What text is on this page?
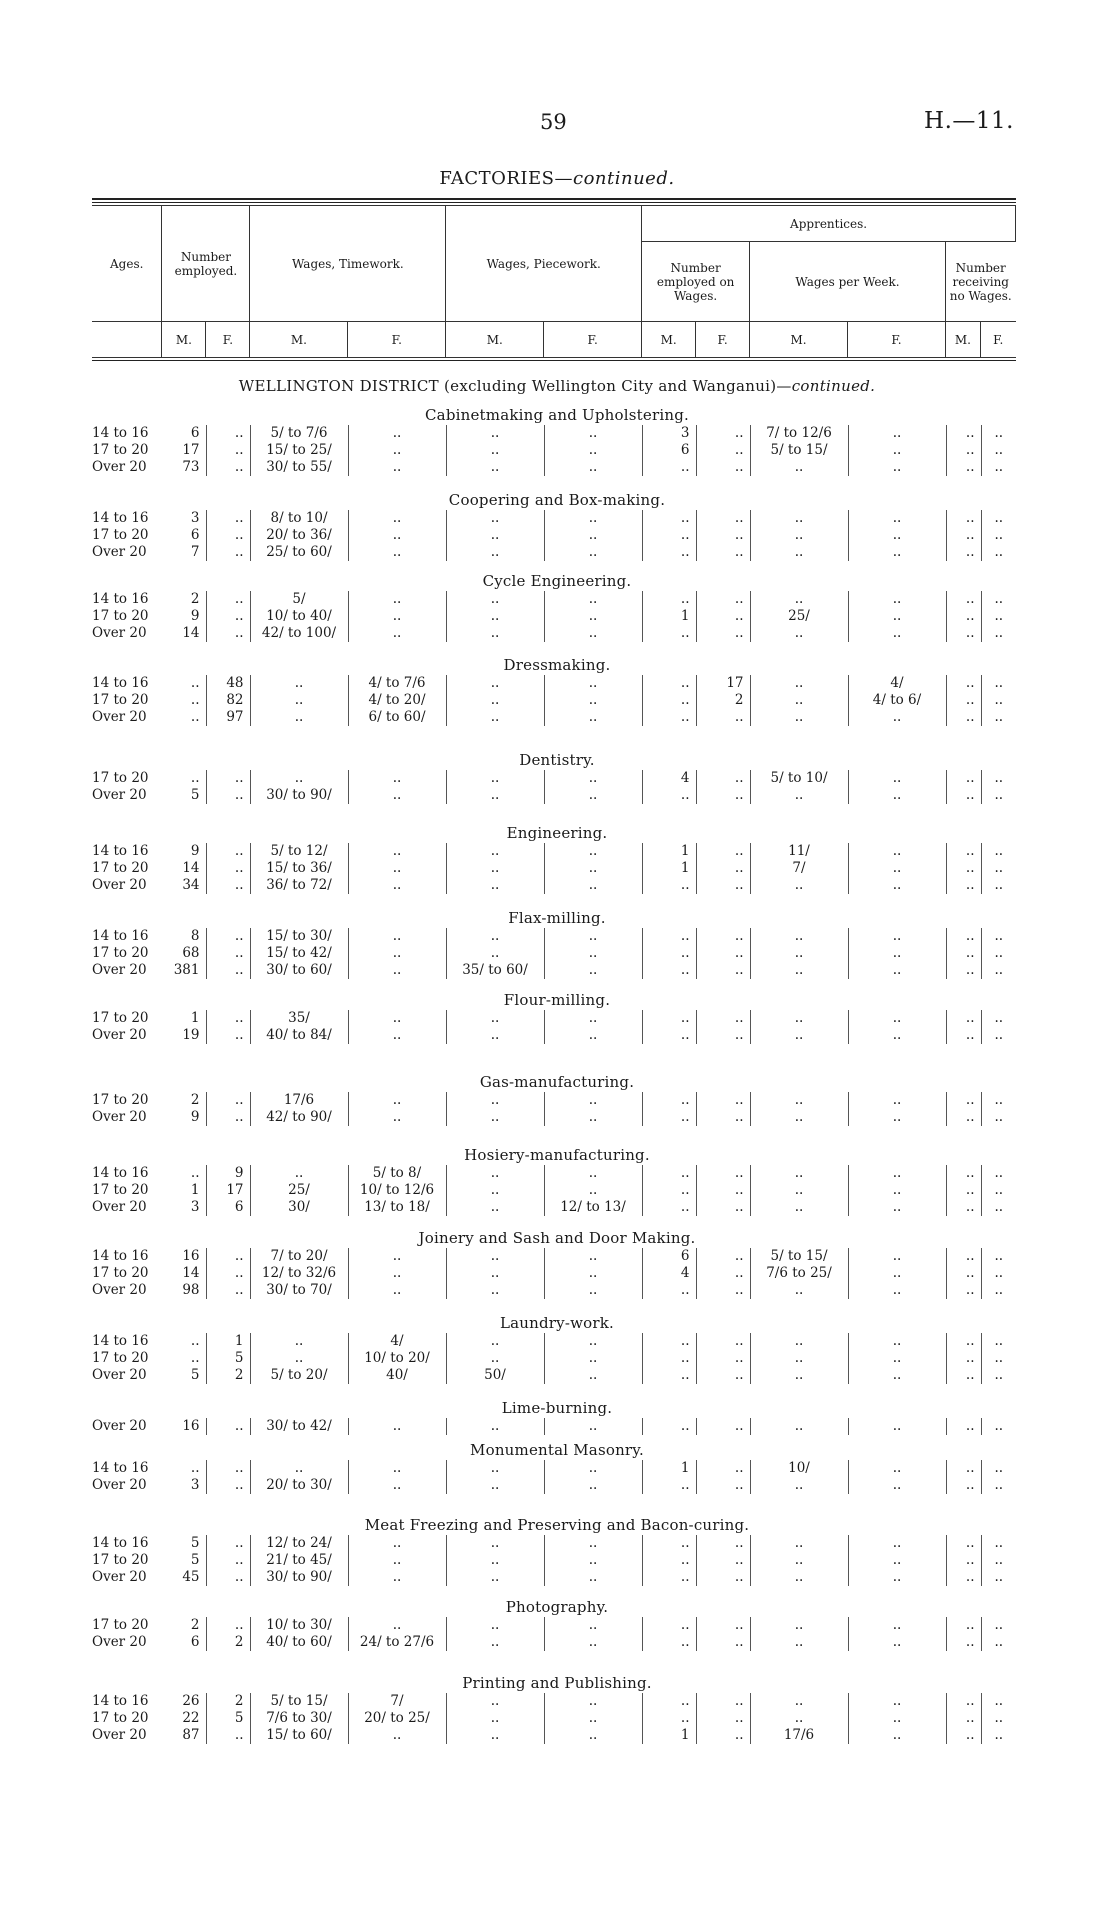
59	H.—11.
FACTORIES—continued.
Ages.	Number employed.		Wages, Timework.		Wages, Piecework.		Apprentices.					
							Number employed on Wages.		Wages per Week.		Number receiving no Wages.	
	M.	F.	M.	F.	M.	F.	M.	F.	M.	F.	M.	F.
WELLINGTON DISTRICT (excluding Wellington City and Wanganui)—continued.
Cabinetmaking and Upholstering.
14 to 16	6	..	5/ to 7/6	..	..	..	3	..	7/ to 12/6	..	..	..
17 to 20	17	..	15/ to 25/	..	..	..	6	..	5/ to 15/	..	..	..
Over 20	73	..	30/ to 55/	..	..	..	..	..	..	..	..	..
Coopering and Box-making.
14 to 16	3	..	8/ to 10/	..	..	..	..	..	..	..	..	..
17 to 20	6	..	20/ to 36/	..	..	..	..	..	..	..	..	..
Over 20	7	..	25/ to 60/	..	..	..	..	..	..	..	..	..
Cycle Engineering.
14 to 16	2	..	5/	..	..	..	..	..	..	..	..	..
17 to 20	9	..	10/ to 40/	..	..	..	1	..	25/	..	..	..
Over 20	14	..	42/ to 100/	..	..	..	..	..	..	..	..	..
Dressmaking.
14 to 16	..	48	..	4/ to 7/6	..	..	..	17	..	4/	..	..
17 to 20	..	82	..	4/ to 20/	..	..	..	2	..	4/ to 6/	..	..
Over 20	..	97	..	6/ to 60/	..	..	..	..	..	..	..	..
Dentistry.
17 to 20	..	..	..	..	..	..	4	..	5/ to 10/	..	..	..
Over 20	5	..	30/ to 90/	..	..	..	..	..	..	..	..	..
Engineering.
14 to 16	9	..	5/ to 12/	..	..	..	1	..	11/	..	..	..
17 to 20	14	..	15/ to 36/	..	..	..	1	..	7/	..	..	..
Over 20	34	..	36/ to 72/	..	..	..	..	..	..	..	..	..
Flax-milling.
14 to 16	8	..	15/ to 30/	..	..	..	..	..	..	..	..	..
17 to 20	68	..	15/ to 42/	..	..	..	..	..	..	..	..	..
Over 20	381	..	30/ to 60/	..	35/ to 60/	..	..	..	..	..	..	..
Flour-milling.
17 to 20	1	..	35/	..	..	..	..	..	..	..	..	..
Over 20	19	..	40/ to 84/	..	..	..	..	..	..	..	..	..
Gas-manufacturing.
17 to 20	2	..	17/6	..	..	..	..	..	..	..	..	..
Over 20	9	..	42/ to 90/	..	..	..	..	..	..	..	..	..
Hosiery-manufacturing.
14 to 16	..	9	..	5/ to 8/	..	..	..	..	..	..	..	..
17 to 20	1	17	25/	10/ to 12/6	..	..	..	..	..	..	..	..
Over 20	3	6	30/	13/ to 18/	..	12/ to 13/	..	..	..	..	..	..
Joinery and Sash and Door Making.
14 to 16	16	..	7/ to 20/	..	..	..	6	..	5/ to 15/	..	..	..
17 to 20	14	..	12/ to 32/6	..	..	..	4	..	7/6 to 25/	..	..	..
Over 20	98	..	30/ to 70/	..	..	..	..	..	..	..	..	..
Laundry-work.
14 to 16	..	1	..	4/	..	..	..	..	..	..	..	..
17 to 20	..	5	..	10/ to 20/	..	..	..	..	..	..	..	..
Over 20	5	2	5/ to 20/	40/	50/	..	..	..	..	..	..	..
Lime-burning.
Over 20	16	..	30/ to 42/	..	..	..	..	..	..	..	..	..
Monumental Masonry.
14 to 16	..	..	..	..	..	..	1	..	10/	..	..	..
Over 20	3	..	20/ to 30/	..	..	..	..	..	..	..	..	..
Meat Freezing and Preserving and Bacon-curing.
14 to 16	5	..	12/ to 24/	..	..	..	..	..	..	..	..	..
17 to 20	5	..	21/ to 45/	..	..	..	..	..	..	..	..	..
Over 20	45	..	30/ to 90/	..	..	..	..	..	..	..	..	..
Photography.
17 to 20	2	..	10/ to 30/	..	..	..	..	..	..	..	..	..
Over 20	6	2	40/ to 60/	24/ to 27/6	..	..	..	..	..	..	..	..
Printing and Publishing.
14 to 16	26	2	5/ to 15/	7/	..	..	..	..	..	..	..	..
17 to 20	22	5	7/6 to 30/	20/ to 25/	..	..	..	..	..	..	..	..
Over 20	87	..	15/ to 60/	..	..	..	1	..	17/6	..	..	..
